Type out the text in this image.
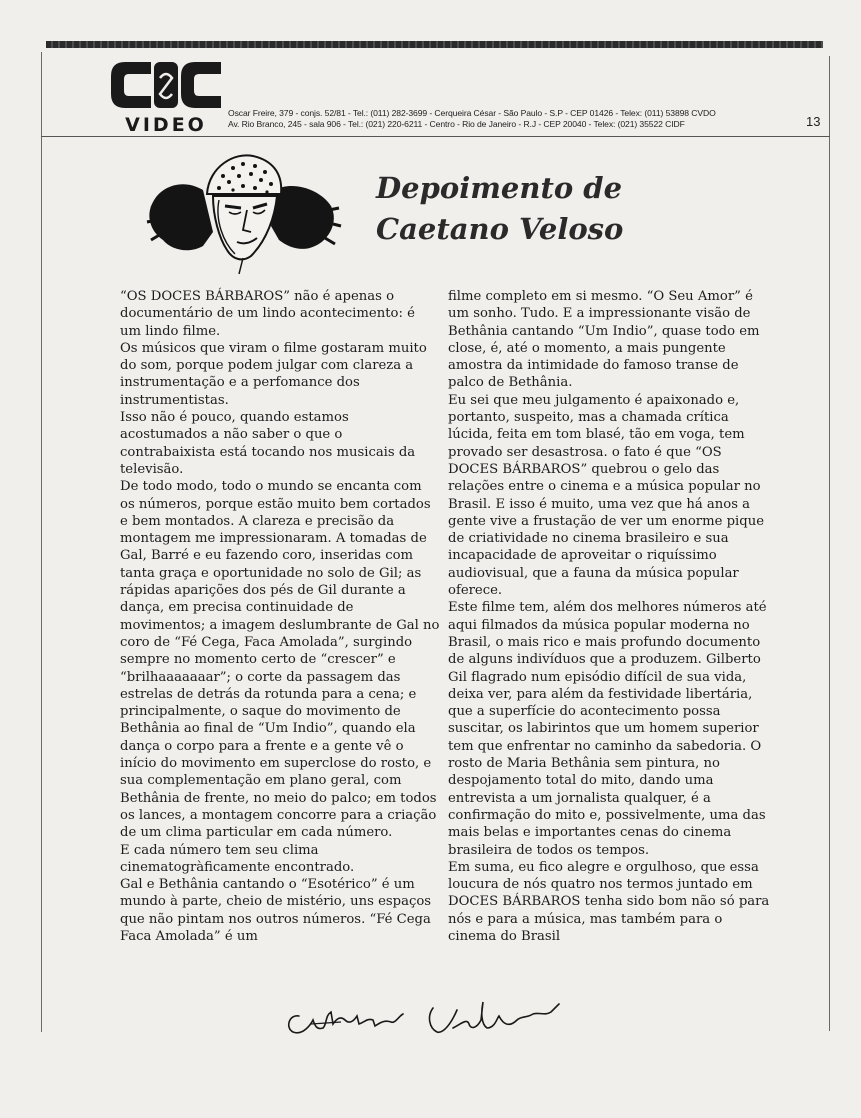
VIDEO
Oscar Freire, 379 - conjs. 52/81 - Tel.: (011) 282-3699 - Cerqueira César - São Paulo - S.P - CEP 01426 - Telex: (011) 53898 CVDO
Av. Rio Branco, 245 - sala 906 - Tel.: (021) 220-6211 - Centro - Rio de Janeiro - R.J - CEP 20040 - Telex: (021) 35522 CIDF	13
Depoimento de
Caetano Veloso

“OS DOCES BÁRBAROS” não é apenas o documentário de um lindo acontecimento: é um lindo filme.

Os músicos que viram o filme gostaram muito do som, porque podem julgar com clareza a instrumentação e a perfomance dos instrumentistas.

Isso não é pouco, quando estamos acostumados a não saber o que o contrabaixista está tocando nos musicais da televisão.

De todo modo, todo o mundo se encanta com os números, porque estão muito bem cortados e bem montados. A clareza e precisão da montagem me impressionaram. A tomadas de Gal, Barré e eu fazendo coro, inseridas com tanta graça e oportunidade no solo de Gil; as rápidas aparições dos pés de Gil durante a dança, em precisa continuidade de movimentos; a imagem deslumbrante de Gal no coro de “Fé Cega, Faca Amolada”, surgindo sempre no momento certo de “crescer” e “brilhaaaaaaar”; o corte da passagem das estrelas de detrás da rotunda para a cena; e principalmente, o saque do movimento de Bethânia ao final de “Um Indio”, quando ela dança o corpo para a frente e a gente vê o início do movimento em superclose do rosto, e sua complementação em plano geral, com Bethânia de frente, no meio do palco; em todos os lances, a montagem concorre para a criação de um clima particular em cada número.

E cada número tem seu clima cinematogràficamente encontrado.

Gal e Bethânia cantando o “Esotérico” é um mundo à parte, cheio de mistério, uns espaços que não pintam nos outros números. “Fé Cega Faca Amolada” é um

filme completo em si mesmo. “O Seu Amor” é um sonho. Tudo. E a impressionante visão de Bethânia cantando “Um Indio”, quase todo em close, é, até o momento, a mais pungente amostra da intimidade do famoso transe de palco de Bethânia.

Eu sei que meu julgamento é apaixonado e, portanto, suspeito, mas a chamada crítica lúcida, feita em tom blasé, tão em voga, tem provado ser desastrosa. o fato é que “OS DOCES BÁRBAROS” quebrou o gelo das relações entre o cinema e a música popular no Brasil. E isso é muito, uma vez que há anos a gente vive a frustação de ver um enorme pique de criatividade no cinema brasileiro e sua incapacidade de aproveitar o riquíssimo audiovisual, que a fauna da música popular oferece.

Este filme tem, além dos melhores números até aqui filmados da música popular moderna no Brasil, o mais rico e mais profundo documento de alguns indivíduos que a produzem. Gilberto Gil flagrado num episódio difícil de sua vida, deixa ver, para além da festividade libertária, que a superfície do acontecimento possa suscitar, os labirintos que um homem superior tem que enfrentar no caminho da sabedoria. O rosto de Maria Bethânia sem pintura, no despojamento total do mito, dando uma entrevista a um jornalista qualquer, é a confirmação do mito e, possivelmente, uma das mais belas e importantes cenas do cinema brasileira de todos os tempos.

Em suma, eu fico alegre e orgulhoso, que essa loucura de nós quatro nos termos juntado em DOCES BÁRBAROS tenha sido bom não só para nós e para a música, mas também para o cinema do Brasil
